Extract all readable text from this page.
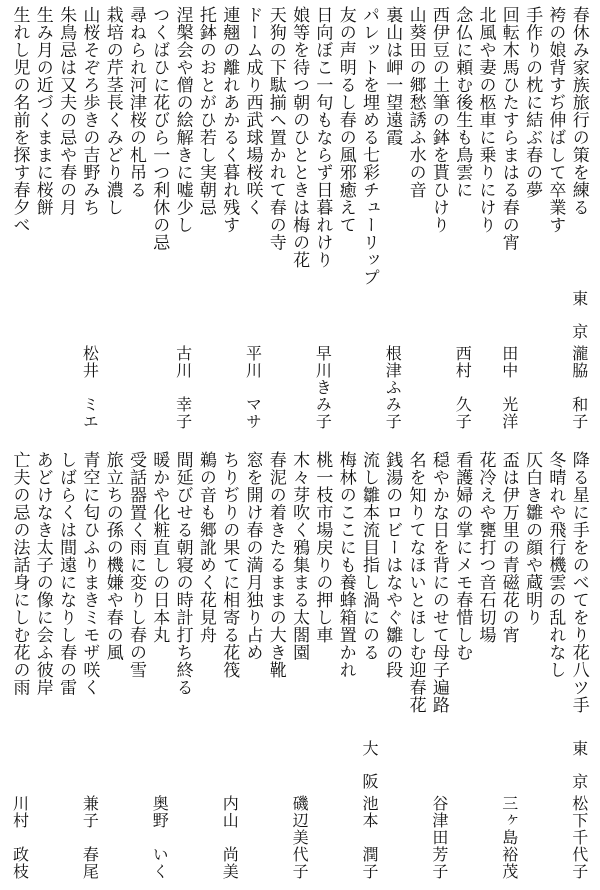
春休み家族旅行の策を練る
東　京
瀧脇　和子
袴の娘背すぢ伸ばして卒業す
手作りの枕に結ぶ春の夢
回転木馬ひたすらまはる春の宵
田中　光洋
北風や妻の柩車に乗りにけり
念仏に頼む後生も鳥雲に
西村　久子
西伊豆の土筆の鉢を貰ひけり
山葵田の郷愁誘ふ水の音
裏山は岬一望遠霞
根津ふみ子
パレットを埋める七彩チューリップ
友の声明るし春の風邪癒えて
日向ぼこ一句もならず日暮れけり
早川きみ子
娘等を待つ朝のひとときは梅の花
天狗の下駄揃へ置かれて春の寺
ドーム成り西武球場桜咲く
平川　マサ
連翹の離れあかるく暮れ残す
托鉢のおとがひ若し実朝忌
涅槃会や僧の絵解きに嘘少し
古川　幸子
つくばひに花びら一つ利休の忌
尋ねられ河津桜の札吊る
栽培の芹茎長くみどり濃し
山桜そぞろ歩きの吉野みち
松井　ミエ
朱鳥忌は又夫の忌や春の月
生み月の近づくままに桜餅
生れし児の名前を探す春夕べ
降る星に手をのべてをり花八ツ手
東　京
松下千代子
冬晴れや飛行機雲の乱れなし
仄白き雛の顔や蔵明り
盃は伊万里の青磁花の宵
三ヶ島裕茂
花冷えや甕打つ音石切場
看護婦の掌にメモ春惜しむ
穏やかな日を背にのせて母子遍路
谷津田芳子
名を知りてなほいとほしむ迎春花
銭湯のロビーはなやぐ雛の段
流し雛本流目指し渦にのる
大　阪
池本　潤子
梅林のここにも養蜂箱置かれ
桃一枝市場戻りの押し車
木々芽吹く鴉集まる太閤園
磯辺美代子
春泥の着きたるままの大き靴
窓を開け春の満月独り占め
ちりぢりの果てに相寄る花筏
内山　尚美
鵜の音も郷訛めく花見舟
間延びせる朝寝の時計打ち終る
暖かや化粧直しの日本丸
奥野　いく
受話器置く雨に変りし春の雪
旅立ちの孫の機嫌や春の風
青空に匂ひふりまきミモザ咲く
兼子　春尾
しばらくは間遠になりし春の雷
あどけなき太子の像に会ふ彼岸
亡夫の忌の法話身にしむ花の雨
川村　政枝
